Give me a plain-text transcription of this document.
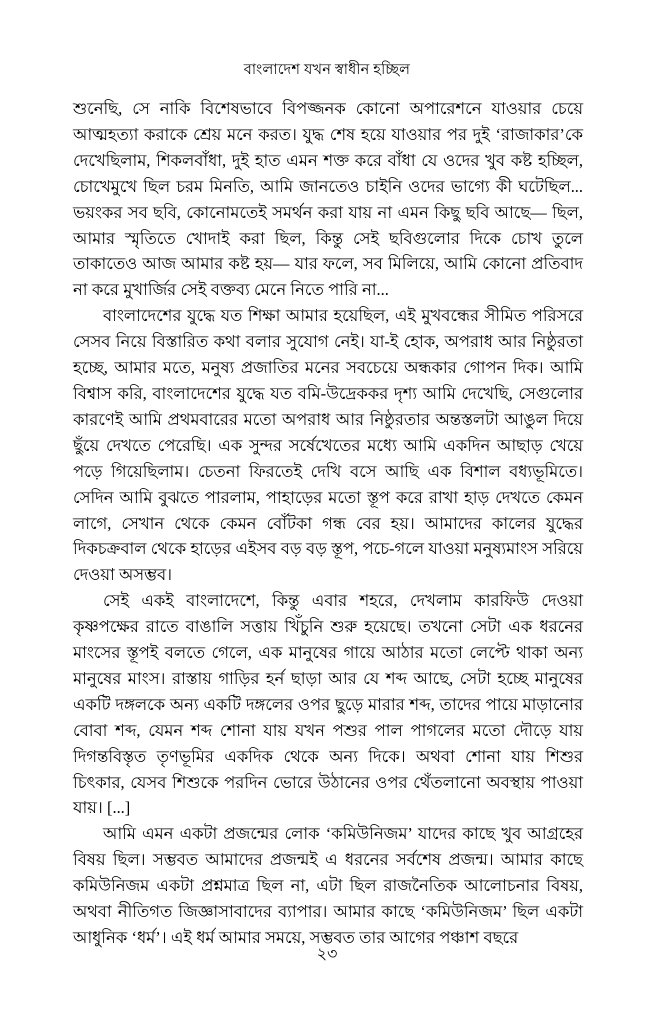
বাংলাদেশ যখন স্বাধীন হচ্ছিল

শুনেছি, সে নাকি বিশেষভাবে বিপজ্জনক কোনো অপারেশনে যাওয়ার চেয়ে আত্মহত্যা করাকে শ্রেয় মনে করত। যুদ্ধ শেষ হয়ে যাওয়ার পর দুই ‘রাজাকার’কে দেখেছিলাম, শিকলবাঁধা, দুই হাত এমন শক্ত করে বাঁধা যে ওদের খুব কষ্ট হচ্ছিল, চোখেমুখে ছিল চরম মিনতি, আমি জানতেও চাইনি ওদের ভাগ্যে কী ঘটেছিল... ভয়ংকর সব ছবি, কোনোমতেই সমর্থন করা যায় না এমন কিছু ছবি আছে— ছিল, আমার স্মৃতিতে খোদাই করা ছিল, কিন্তু সেই ছবিগুলোর দিকে চোখ তুলে তাকাতেও আজ আমার কষ্ট হয়— যার ফলে, সব মিলিয়ে, আমি কোনো প্রতিবাদ না করে মুখার্জির সেই বক্তব্য মেনে নিতে পারি না...

বাংলাদেশের যুদ্ধে যত শিক্ষা আমার হয়েছিল, এই মুখবন্ধের সীমিত পরিসরে সেসব নিয়ে বিস্তারিত কথা বলার সুযোগ নেই। যা-ই হোক, অপরাধ আর নিষ্ঠুরতা হচ্ছে, আমার মতে, মনুষ্য প্রজাতির মনের সবচেয়ে অন্ধকার গোপন দিক। আমি বিশ্বাস করি, বাংলাদেশের যুদ্ধে যত বমি-উদ্রেককর দৃশ্য আমি দেখেছি, সেগুলোর কারণেই আমি প্রথমবারের মতো অপরাধ আর নিষ্ঠুরতার অন্তস্তলটা আঙুল দিয়ে ছুঁয়ে দেখতে পেরেছি। এক সুন্দর সর্ষেখেতের মধ্যে আমি একদিন আছাড় খেয়ে পড়ে গিয়েছিলাম। চেতনা ফিরতেই দেখি বসে আছি এক বিশাল বধ্যভূমিতে। সেদিন আমি বুঝতে পারলাম, পাহাড়ের মতো স্তূপ করে রাখা হাড় দেখতে কেমন লাগে, সেখান থেকে কেমন বোঁটকা গন্ধ বের হয়। আমাদের কালের যুদ্ধের দিকচক্রবাল থেকে হাড়ের এইসব বড় বড় স্তূপ, পচে-গলে যাওয়া মনুষ্যমাংস সরিয়ে দেওয়া অসম্ভব।

সেই একই বাংলাদেশে, কিন্তু এবার শহরে, দেখলাম কারফিউ দেওয়া কৃষ্ণপক্ষের রাতে বাঙালি সত্তায় খিঁচুনি শুরু হয়েছে। তখনো সেটা এক ধরনের মাংসের স্তূপই বলতে গেলে, এক মানুষের গায়ে আঠার মতো লেপ্টে থাকা অন্য মানুষের মাংস। রাস্তায় গাড়ির হর্ন ছাড়া আর যে শব্দ আছে, সেটা হচ্ছে মানুষের একটি দঙ্গলকে অন্য একটি দঙ্গলের ওপর ছুড়ে মারার শব্দ, তাদের পায়ে মাড়ানোর বোবা শব্দ, যেমন শব্দ শোনা যায় যখন পশুর পাল পাগলের মতো দৌড়ে যায় দিগন্তবিস্তৃত তৃণভূমির একদিক থেকে অন্য দিকে। অথবা শোনা যায় শিশুর চিৎকার, যেসব শিশুকে পরদিন ভোরে উঠানের ওপর থেঁতলানো অবস্থায় পাওয়া যায়। [...]

আমি এমন একটা প্রজন্মের লোক ‘কমিউনিজম’ যাদের কাছে খুব আগ্রহের বিষয় ছিল। সম্ভবত আমাদের প্রজন্মই এ ধরনের সর্বশেষ প্রজন্ম। আমার কাছে কমিউনিজম একটা প্রশ্নমাত্র ছিল না, এটা ছিল রাজনৈতিক আলোচনার বিষয়, অথবা নীতিগত জিজ্ঞাসাবাদের ব্যাপার। আমার কাছে ‘কমিউনিজম’ ছিল একটা আধুনিক ‘ধর্ম’। এই ধর্ম আমার সময়ে, সম্ভবত তার আগের পঞ্চাশ বছরে

২৩
